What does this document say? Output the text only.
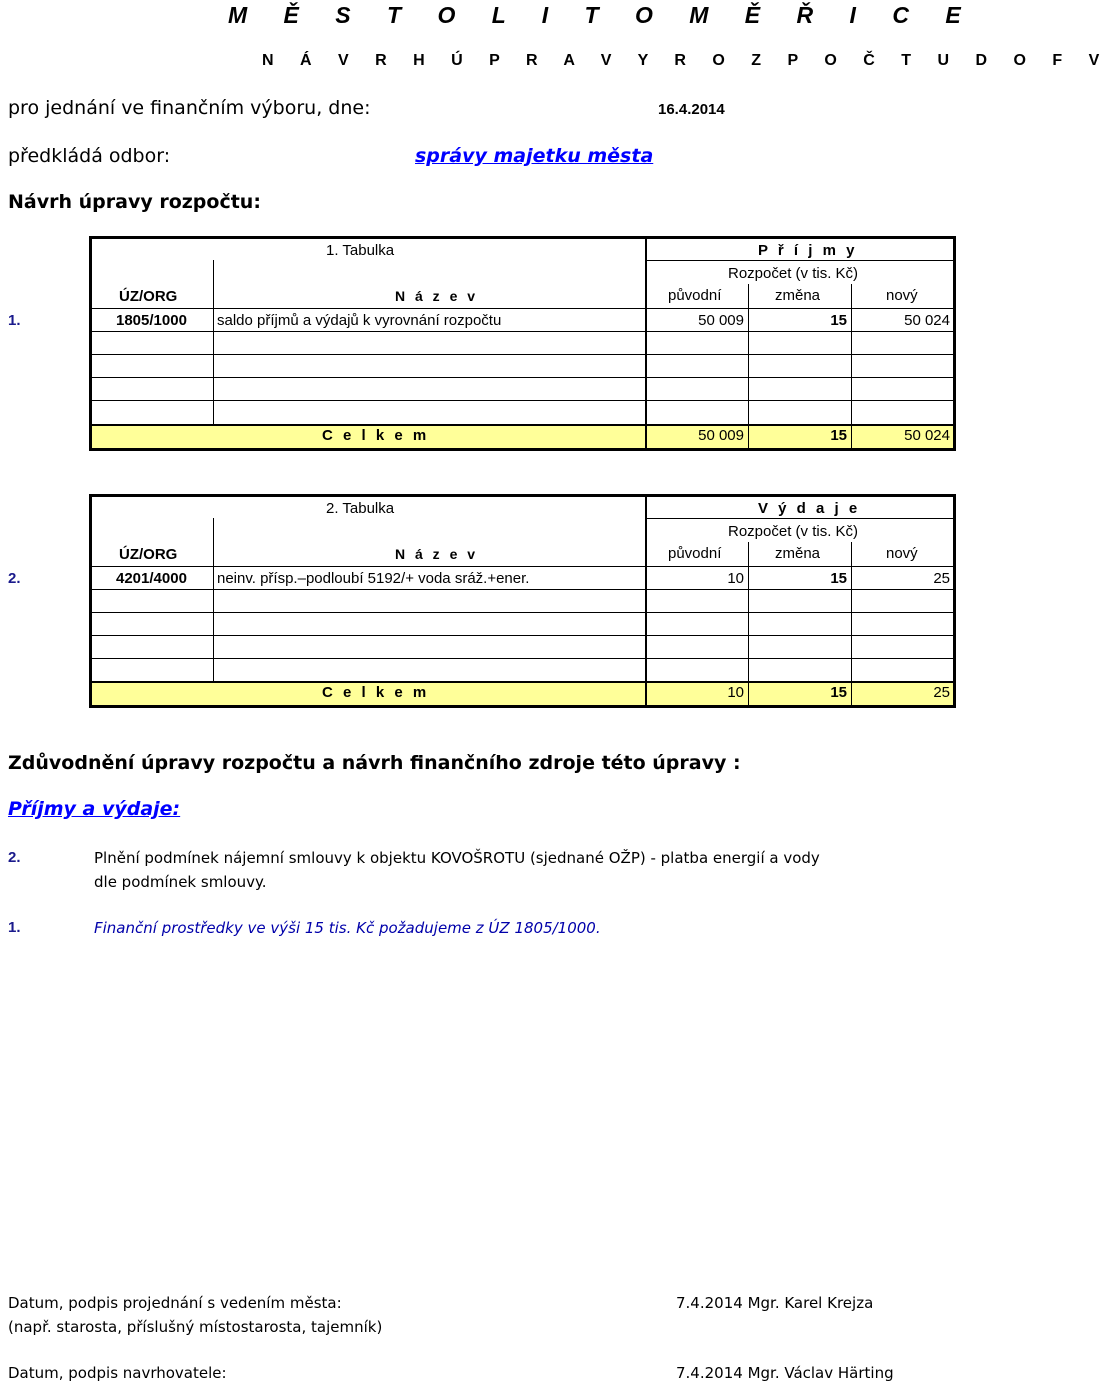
M Ě S T O L I T O M Ě Ř I C E
N Á V R H Ú P R A V Y R O Z P O Č T U D O F V
pro jednání ve finančním výboru, dne:	16.4.2014
předkládá odbor:	správy majetku města
Návrh úpravy rozpočtu:
1. Tabulka	P ř í j m y
Rozpočet (v tis. Kč)
ÚZ/ORG	N á z e v	původní	změna	nový
1.	1805/1000 saldo příjmů a výdajů k vyrovnání rozpočtu	50 009	15	50 024
C e l k e m	50 009	15	50 024
2. Tabulka	V ý d a j e
Rozpočet (v tis. Kč)
ÚZ/ORG	N á z e v	původní	změna	nový
2.	4201/4000 neinv. přísp.–podloubí 5192/+ voda sráž.+ener.	10	15	25
C e l k e m	10	15	25
Zdůvodnění úpravy rozpočtu a návrh finančního zdroje této úpravy :
Příjmy a výdaje:
2.	Plnění podmínek nájemní smlouvy k objektu KOVOŠROTU (sjednané OŽP) - platba energií a vody
dle podmínek smlouvy.
1.	Finanční prostředky ve výši 15 tis. Kč požadujeme z ÚZ 1805/1000.
Datum, podpis projednání s vedením města:	7.4.2014 Mgr. Karel Krejza
(např. starosta, příslušný místostarosta, tajemník)
Datum, podpis navrhovatele:	7.4.2014 Mgr. Václav Härting
